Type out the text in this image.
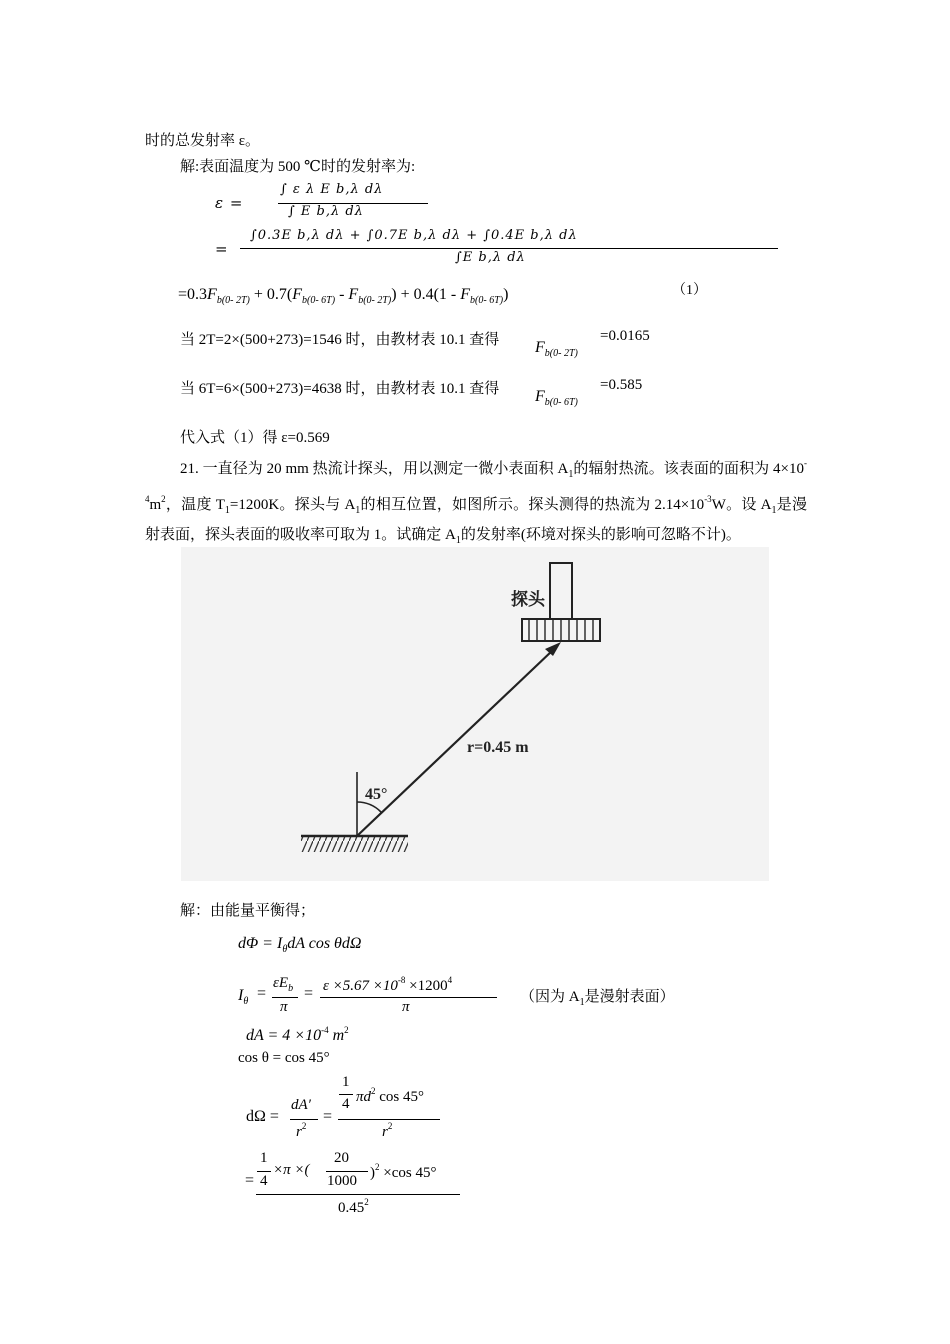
时的总发射率 ε。
解:表面温度为 500 ℃时的发射率为:
ε =
∫ ε λ E b,λ dλ
∫ E b,λ dλ
=
∫0.3E b,λ dλ + ∫0.7E b,λ dλ + ∫0.4E b,λ dλ
∫E b,λ dλ
$=0.3F_{b(0- 2T)} + 0.7(F_{b(0- 6T)} - F_{b(0- 2T)}) + 0.4(1 - F_{b(0- 6T)})$	（1）
当 2T=2×(500+273)=1546 时，由教材表 10.1 查得 $F_{b(0- 2T)}$
=0.0165
当 6T=6×(500+273)=4638 时，由教材表 10.1 查得 $F_{b(0- 6T)}$
=0.585
代入式（1）得 ε=0.569
21. 一直径为 20 mm 热流计探头，用以测定一微小表面积 $A_1$的辐射热流。该表面的面积为 $4\times 10^{-4}m^2$，温度 $T_1=1200K$。探头与 $A_1$的相互位置，如图所示。探头测得的热流为 $2.14\times 10^{-3}W$。设 $A_1$是漫射表面，探头表面的吸收率可取为 1。试确定 $A_1$的发射率(环境对探头的影响可忽略不计)。
探头
r=0.45 m
45°
解：由能量平衡得；
$d\Phi = I_\theta dA$ cos θdΩ
$I_\theta$ =
$\varepsilon E_b$
π
= $\varepsilon \times 5.67 \times 10^{-8} \times 1200^4$
π
（因为 $A_1$是漫射表面）
dA = $4 \times 10^{-4}$ $m^2$
cos θ = cos 45°
dΩ =
dA′
$r^2$
=
1
4 $\pi d^2$ cos 45°
$r^2$
=
1
4
×π ×(
20
1000 )$^2$ ×cos 45°
0.45$^2$
